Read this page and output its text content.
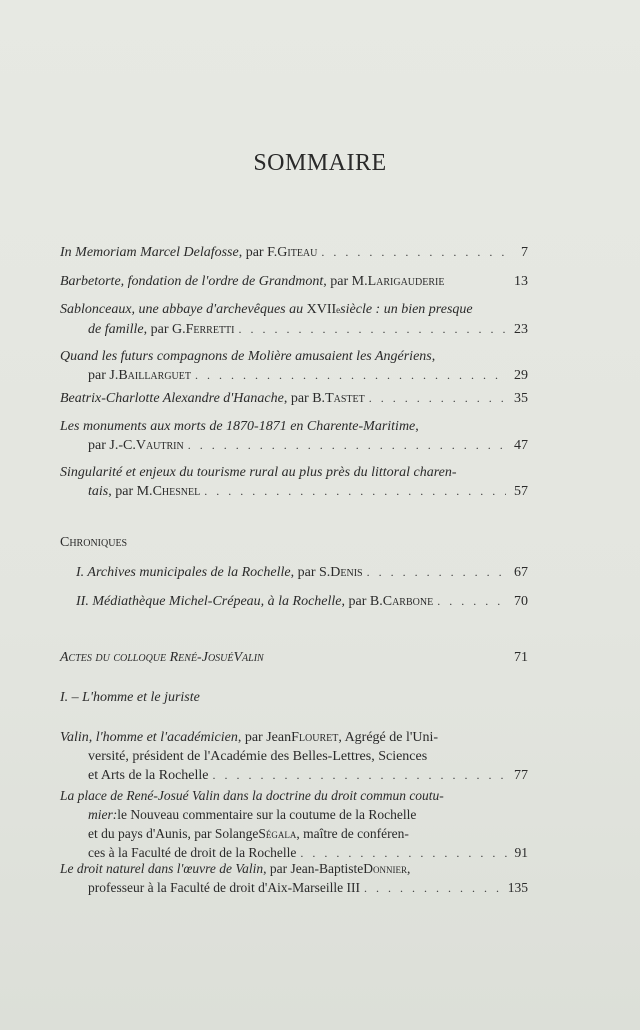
SOMMAIRE
In Memoriam Marcel Delafosse , par F. Giteau . . .	7
Barbetorte, fondation de l'ordre de Grandmont , par M. Larigauderie	13
Sablonceaux, une abbaye d'archevêques au
XVII e siècle : un bien presque
de famille , par G. Ferretti . . .	23
Quand les futurs compagnons de Molière amusaient les Angériens ,
par J. Baillarguet . . .	29
Beatrix-Charlotte Alexandre d'Hanache , par B. Tastet . . .	35
Les monuments aux morts de 1870-1871 en Charente-Maritime ,
par J.-C. Vautrin . . .	47
Singularité et enjeux du tourisme rural au plus près du littoral charen-
tais , par M. Chesnel . . .	57
Chroniques
I. Archives municipales de la Rochelle , par S. Denis . . .	67
II. Médiathèque Michel-Crépeau, à la Rochelle , par B. Carbone . . .	70
Actes du colloque René-Josué Valin	71
I. – L'homme et le juriste
Valin, l'homme et l'académicien , par Jean Flouret , Agrégé de l'Uni-
versité, président de l'Académie des Belles-Lettres, Sciences
et Arts de la Rochelle . . .	77
La place de René-Josué Valin dans la doctrine du droit commun coutu-
mier: le Nouveau commentaire sur la coutume de la Rochelle
et du pays d'Aunis, par Solange Ségala , maître de conféren-
ces à la Faculté de droit de la Rochelle . . .	91
Le droit naturel dans l'œuvre de Valin , par Jean-Baptiste Donnier ,
professeur à la Faculté de droit d'Aix-Marseille III . . .	135
